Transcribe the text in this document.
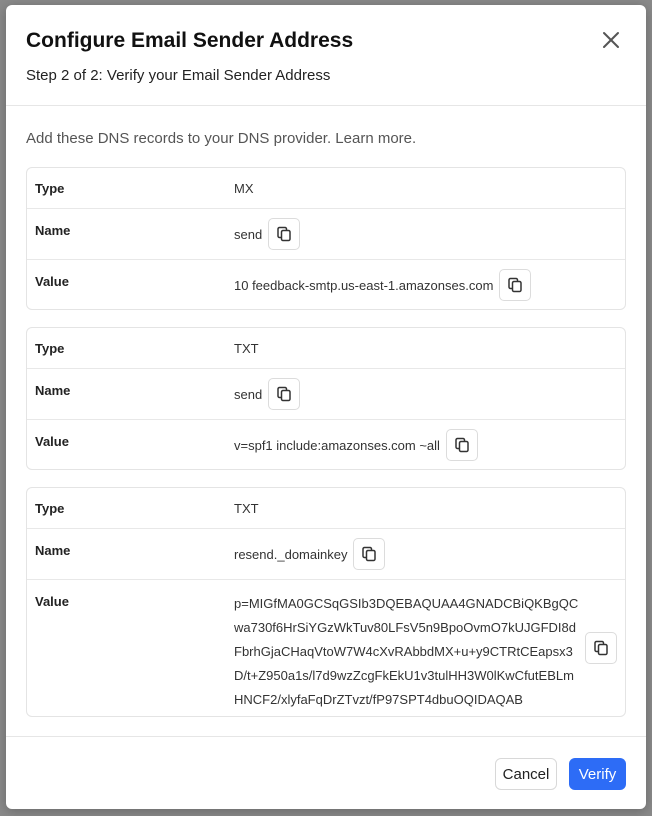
Configure Email Sender Address
Step 2 of 2: Verify your Email Sender Address
Add these DNS records to your DNS provider. Learn more.
Type	MX
Name	send
Value	10 feedback-smtp.us-east-1.amazonses.com
Type	TXT
Name	send
Value	v=spf1 include:amazonses.com ~all
Type	TXT
Name	resend._domainkey
Value	p=MIGfMA0GCSqGSIb3DQEBAQUAA4GNADCBiQKBgQCwa730f6HrSiYGzWkTuv80LFsV5n9BpoOvmO7kUJGFDI8dFbrhGjaCHaqVtoW7W4cXvRAbbdMX+u+y9CTRtCEapsx3D/t+Z950a1s/l7d9wzZcgFkEkU1v3tulHH3W0lKwCfutEBLmHNCF2/xlyfaFqDrZTvzt/fP97SPT4dbuOQIDAQAB
Cancel	Verify
